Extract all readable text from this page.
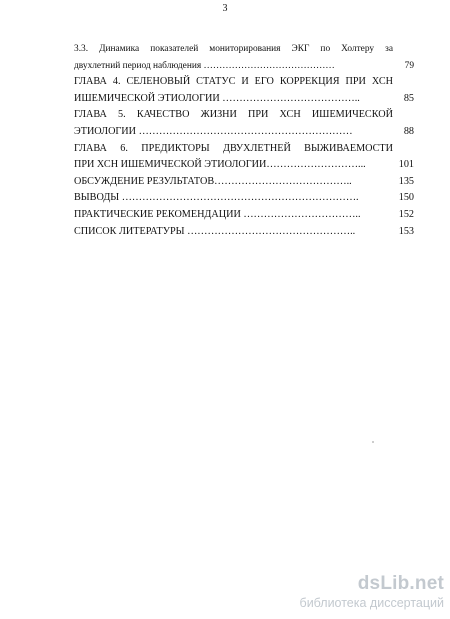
3
3.3. Динамика показателей мониторирования ЭКГ по Холтеру за
двухлетний период наблюдения ……………………………………	79
ГЛАВА 4. СЕЛЕНОВЫЙ СТАТУС И ЕГО КОРРЕКЦИЯ ПРИ ХСН
ИШЕМИЧЕСКОЙ ЭТИОЛОГИИ …………………………………..	85
ГЛАВА 5. КАЧЕСТВО ЖИЗНИ ПРИ ХСН ИШЕМИЧЕСКОЙ
ЭТИОЛОГИИ ………………………………………………………	88
ГЛАВА 6. ПРЕДИКТОРЫ ДВУХЛЕТНЕЙ ВЫЖИВАЕМОСТИ
ПРИ ХСН ИШЕМИЧЕСКОЙ ЭТИОЛОГИИ………………………...	101
ОБСУЖДЕНИЕ РЕЗУЛЬТАТОВ…………………………………..	135
ВЫВОДЫ …………………………………………………………….	150
ПРАКТИЧЕСКИЕ РЕКОМЕНДАЦИИ ……………………………..	152
СПИСОК ЛИТЕРАТУРЫ …………………………………………..	153
dsLib.net
библиотека диссертаций
